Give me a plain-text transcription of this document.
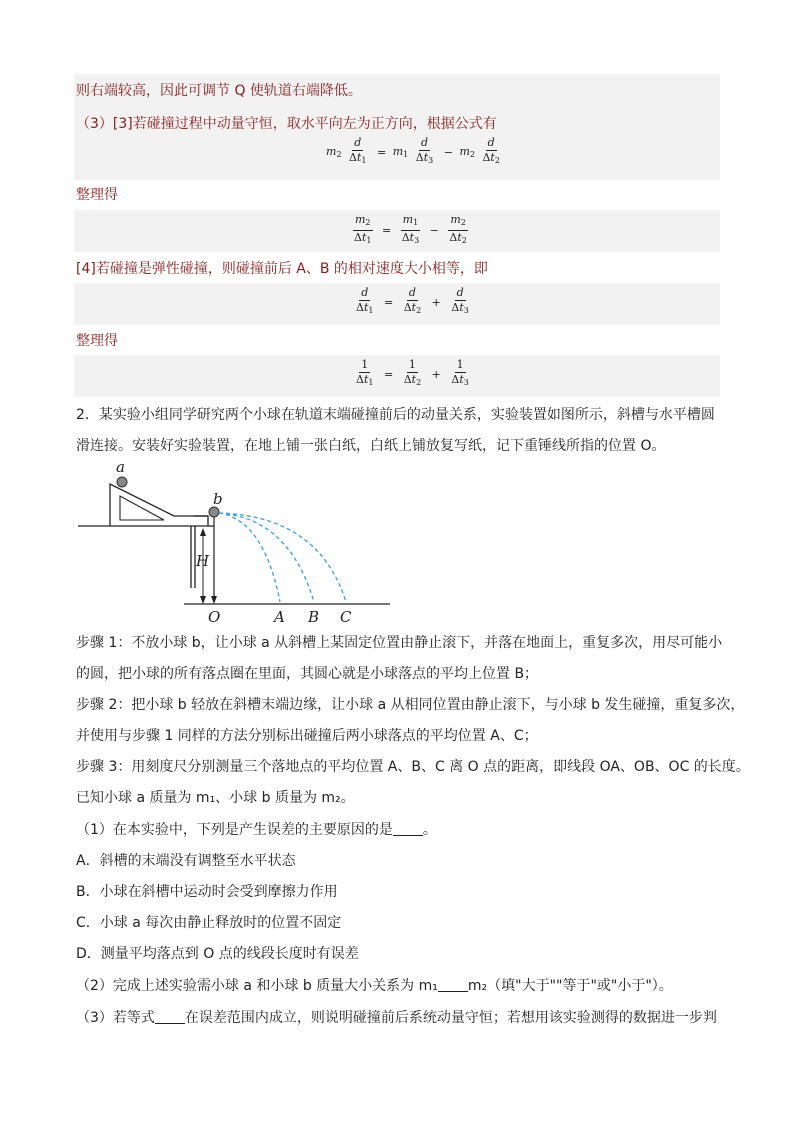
则右端较高，因此可调节 Q 使轨道右端降低。
（3）[3]若碰撞过程中动量守恒，取水平向左为正方向，根据公式有
$m_2 \frac{d}{\Delta t_1} = m_1 \frac{d}{\Delta t_3} - m_2 \frac{d}{\Delta t_2}$
整理得
$\frac{m_2}{\Delta t_1} = \frac{m_1}{\Delta t_3} - \frac{m_2}{\Delta t_2}$
[4]若碰撞是弹性碰撞，则碰撞前后 A、B 的相对速度大小相等，即
$\frac{d}{\Delta t_1} = \frac{d}{\Delta t_2} + \frac{d}{\Delta t_3}$
整理得
$\frac{1}{\Delta t_1} = \frac{1}{\Delta t_2} + \frac{1}{\Delta t_3}$
2．某实验小组同学研究两个小球在轨道末端碰撞前后的动量关系，实验装置如图所示，斜槽与水平槽圆
滑连接。安装好实验装置，在地上铺一张白纸，白纸上铺放复写纸，记下重锤线所指的位置 O。
a
b
H
O	A B C
步骤 1：不放小球 b，让小球 a 从斜槽上某固定位置由静止滚下，并落在地面上，重复多次，用尽可能小
的圆，把小球的所有落点圈在里面，其圆心就是小球落点的平均上位置 B；
步骤 2：把小球 b 轻放在斜槽末端边缘，让小球 a 从相同位置由静止滚下，与小球 b 发生碰撞，重复多次，
并使用与步骤 1 同样的方法分别标出碰撞后两小球落点的平均位置 A、C；
步骤 3：用刻度尺分别测量三个落地点的平均位置 A、B、C 离 O 点的距离，即线段 OA、OB、OC 的长度。
已知小球 a 质量为 m₁、小球 b 质量为 m₂。
（1）在本实验中，下列是产生误差的主要原因的是 。
A．斜槽的末端没有调整至水平状态
B．小球在斜槽中运动时会受到摩擦力作用
C．小球 a 每次由静止释放时的位置不固定
D．测量平均落点到 O 点的线段长度时有误差
（2）完成上述实验需小球 a 和小球 b 质量大小关系为 m₁ m₂（填"大于""等于"或"小于"）。
（3）若等式 在误差范围内成立，则说明碰撞前后系统动量守恒；若想用该实验测得的数据进一步判
